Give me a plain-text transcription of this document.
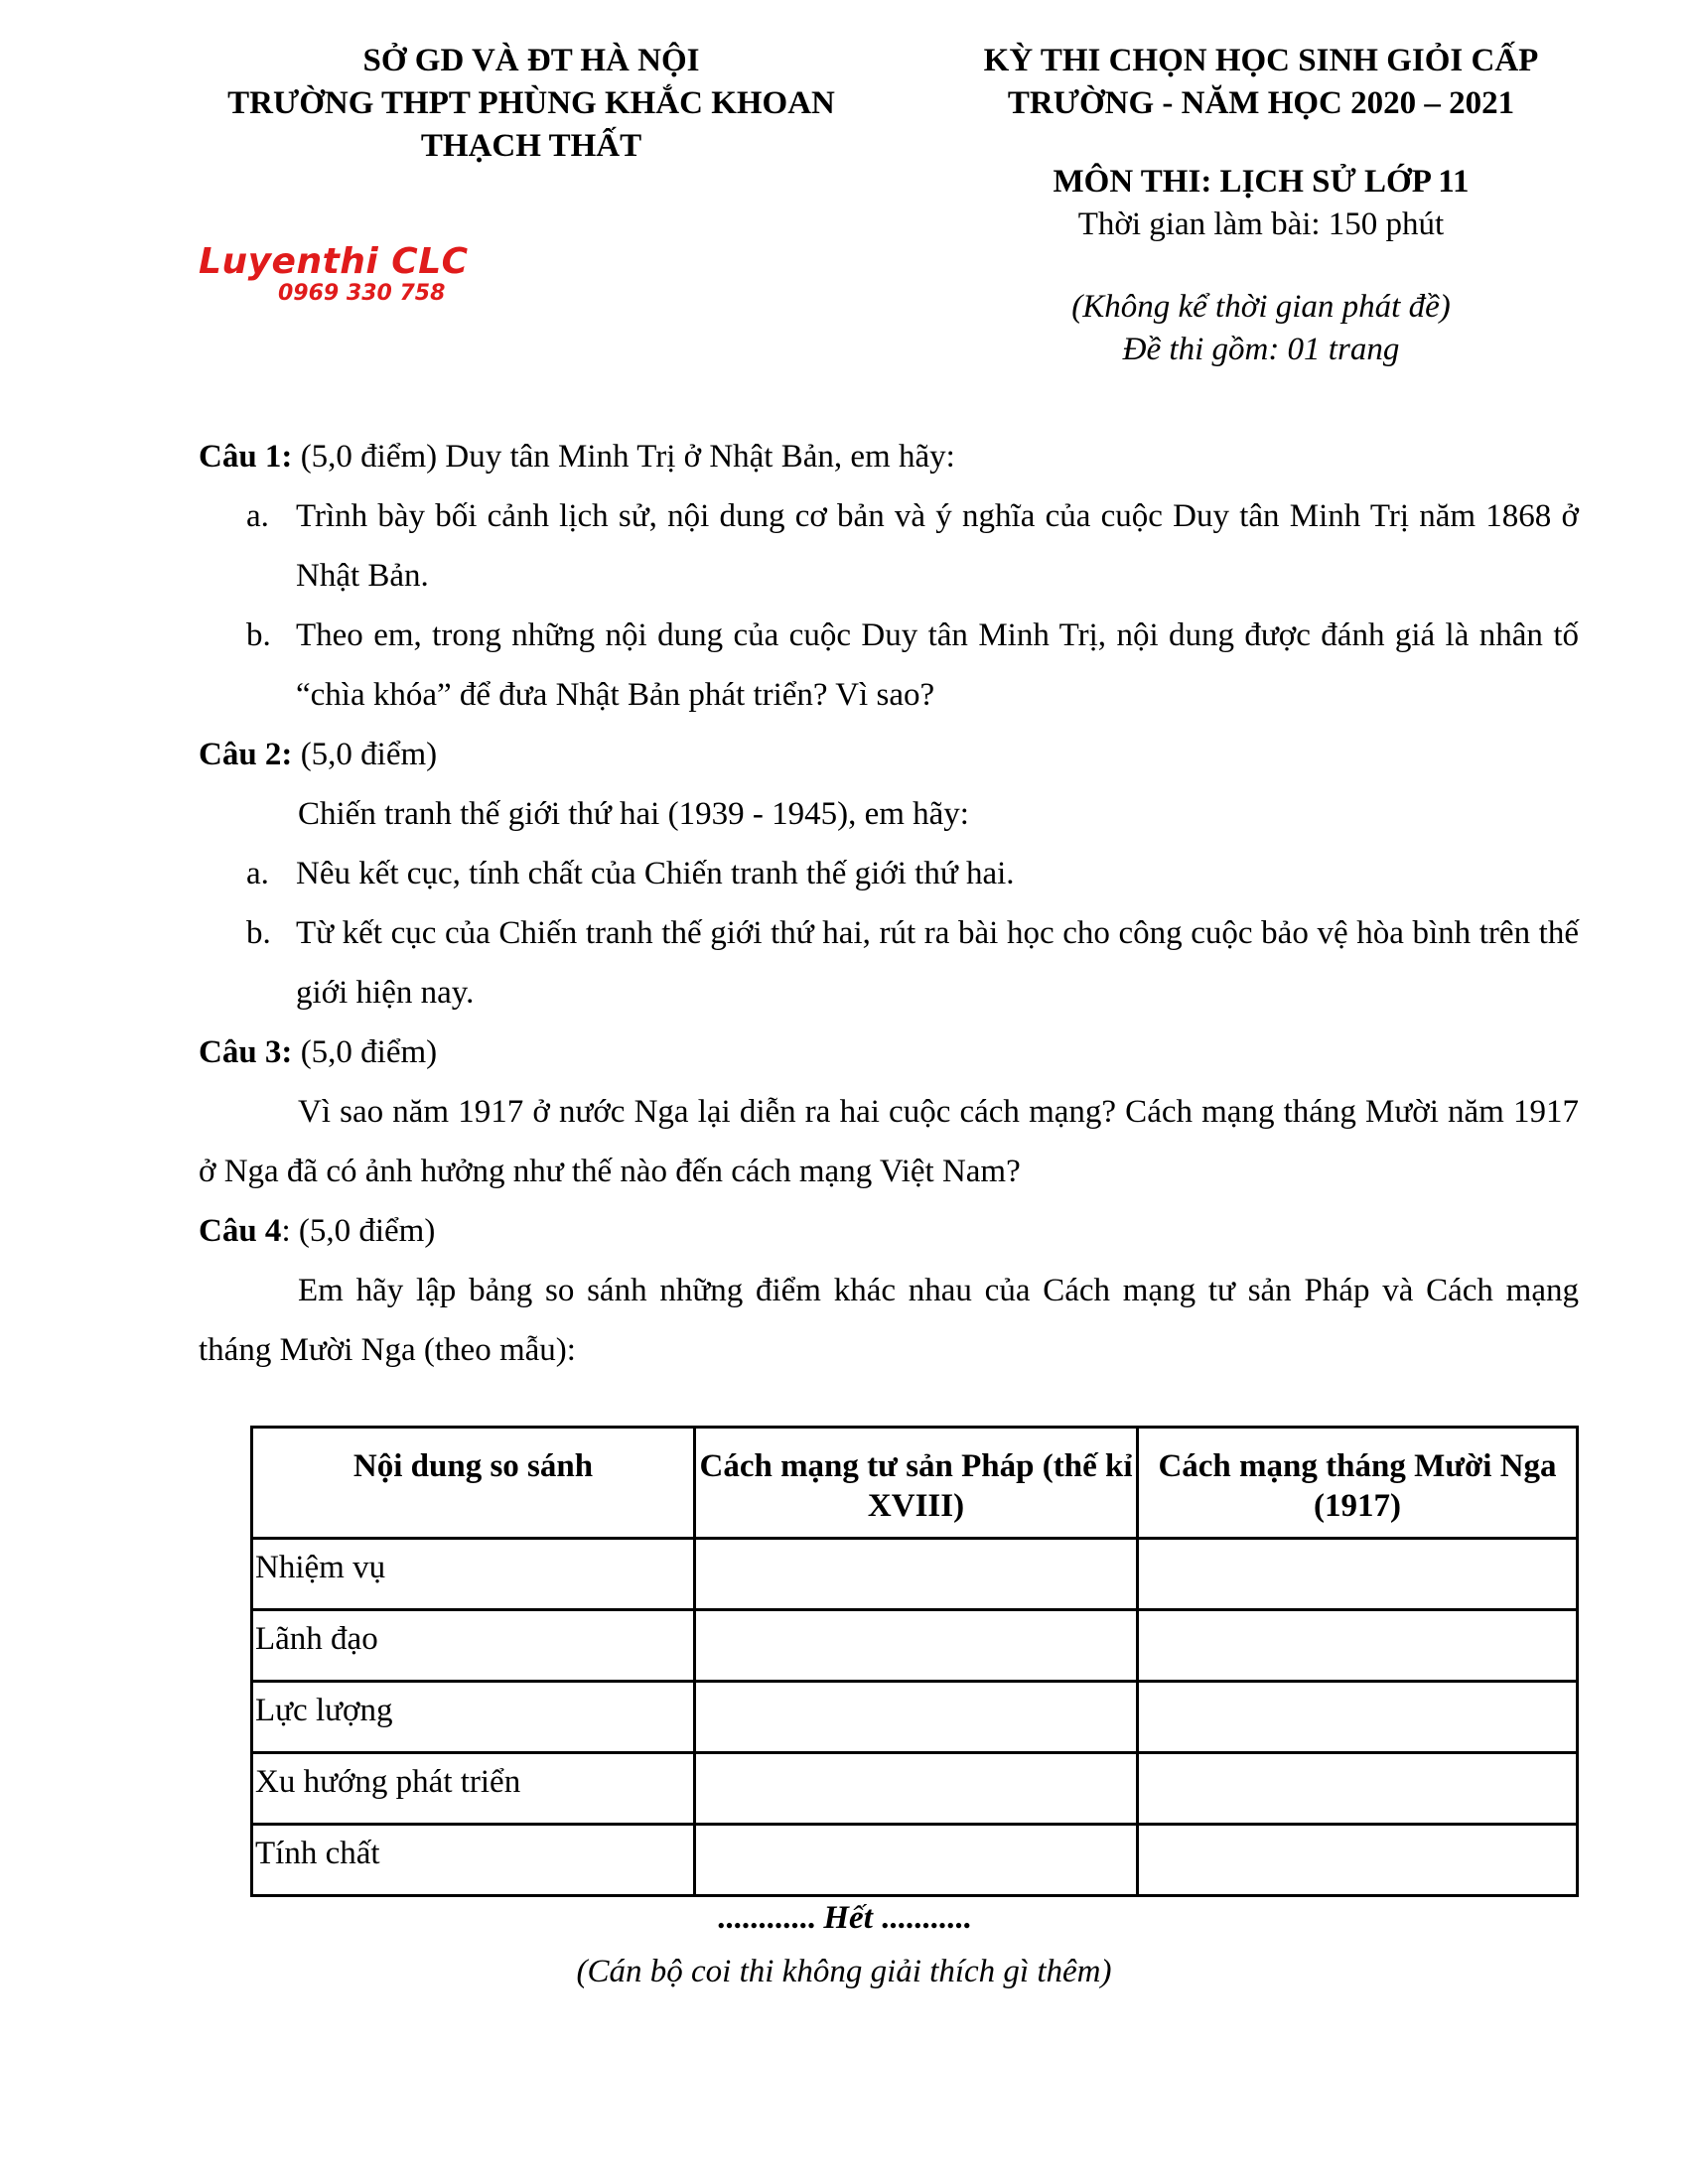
SỞ GD VÀ ĐT HÀ NỘI
TRƯỜNG THPT PHÙNG KHẮC KHOAN
THẠCH THẤT
KỲ THI CHỌN HỌC SINH GIỎI CẤP
TRƯỜNG - NĂM HỌC 2020 – 2021
MÔN THI: LỊCH SỬ LỚP 11
Thời gian làm bài: 150 phút
(Không kể thời gian phát đề)
Đề thi gồm: 01 trang
Luyenthi CLC
0969 330 758

Câu 1: (5,0 điểm) Duy tân Minh Trị ở Nhật Bản, em hãy:

a. Trình bày bối cảnh lịch sử, nội dung cơ bản và ý nghĩa của cuộc Duy tân Minh Trị năm 1868 ở Nhật Bản.
b. Theo em, trong những nội dung của cuộc Duy tân Minh Trị, nội dung được đánh giá là nhân tố “chìa khóa” để đưa Nhật Bản phát triển? Vì sao?

Câu 2: (5,0 điểm)

Chiến tranh thế giới thứ hai (1939 - 1945), em hãy:

a. Nêu kết cục, tính chất của Chiến tranh thế giới thứ hai.
b. Từ kết cục của Chiến tranh thế giới thứ hai, rút ra bài học cho công cuộc bảo vệ hòa bình trên thế giới hiện nay.

Câu 3: (5,0 điểm)

Vì sao năm 1917 ở nước Nga lại diễn ra hai cuộc cách mạng? Cách mạng tháng Mười năm 1917 ở Nga đã có ảnh hưởng như thế nào đến cách mạng Việt Nam?

Câu 4: (5,0 điểm)

Em hãy lập bảng so sánh những điểm khác nhau của Cách mạng tư sản Pháp và Cách mạng tháng Mười Nga (theo mẫu):

Nội dung so sánh	Cách mạng tư sản Pháp (thế kỉ XVIII)	Cách mạng tháng Mười Nga (1917)
Nhiệm vụ		
Lãnh đạo		
Lực lượng		
Xu hướng phát triển		
Tính chất		
............ Hết ...........
(Cán bộ coi thi không giải thích gì thêm)
